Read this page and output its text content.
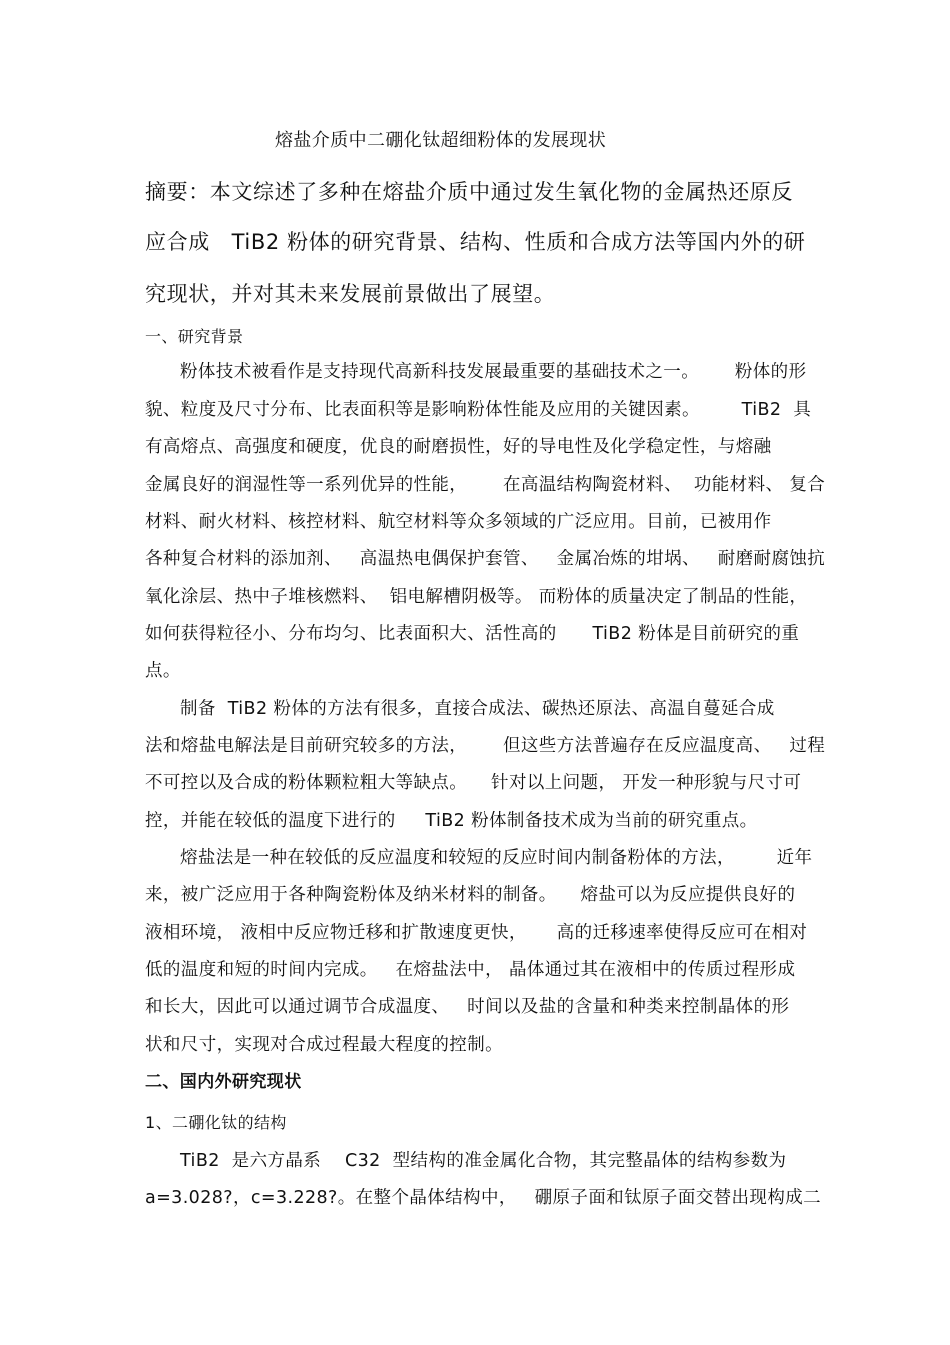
熔盐介质中二硼化钛超细粉体的发展现状
摘要：本文综述了多种在熔盐介质中通过发生氧化物的金属热还原反
应合成   TiB2 粉体的研究背景、结构、性质和合成方法等国内外的研
究现状，并对其未来发展前景做出了展望。
一、研究背景
粉体技术被看作是支持现代高新科技发展最重要的基础技术之一。      粉体的形
貌、粒度及尺寸分布、比表面积等是影响粉体性能及应用的关键因素。       TiB2  具
有高熔点、高强度和硬度，优良的耐磨损性，好的导电性及化学稳定性，与熔融
金属良好的润湿性等一系列优异的性能，      在高温结构陶瓷材料、  功能材料、 复合
材料、耐火材料、核控材料、航空材料等众多领域的广泛应用。目前，已被用作
各种复合材料的添加剂、   高温热电偶保护套管、   金属冶炼的坩埚、   耐磨耐腐蚀抗
氧化涂层、热中子堆核燃料、  铝电解槽阴极等。 而粉体的质量决定了制品的性能，
如何获得粒径小、分布均匀、比表面积大、活性高的      TiB2 粉体是目前研究的重
点。
制备  TiB2 粉体的方法有很多，直接合成法、碳热还原法、高温自蔓延合成
法和熔盐电解法是目前研究较多的方法，      但这些方法普遍存在反应温度高、   过程
不可控以及合成的粉体颗粒粗大等缺点。    针对以上问题， 开发一种形貌与尺寸可
控，并能在较低的温度下进行的     TiB2 粉体制备技术成为当前的研究重点。
熔盐法是一种在较低的反应温度和较短的反应时间内制备粉体的方法，       近年
来，被广泛应用于各种陶瓷粉体及纳米材料的制备。    熔盐可以为反应提供良好的
液相环境， 液相中反应物迁移和扩散速度更快，     高的迁移速率使得反应可在相对
低的温度和短的时间内完成。   在熔盐法中， 晶体通过其在液相中的传质过程形成
和长大，因此可以通过调节合成温度、   时间以及盐的含量和种类来控制晶体的形
状和尺寸，实现对合成过程最大程度的控制。
二、国内外研究现状
1、二硼化钛的结构
TiB2  是六方晶系    C32  型结构的准金属化合物，其完整晶体的结构参数为
a=3.028?，c=3.228?。在整个晶体结构中，   硼原子面和钛原子面交替出现构成二
